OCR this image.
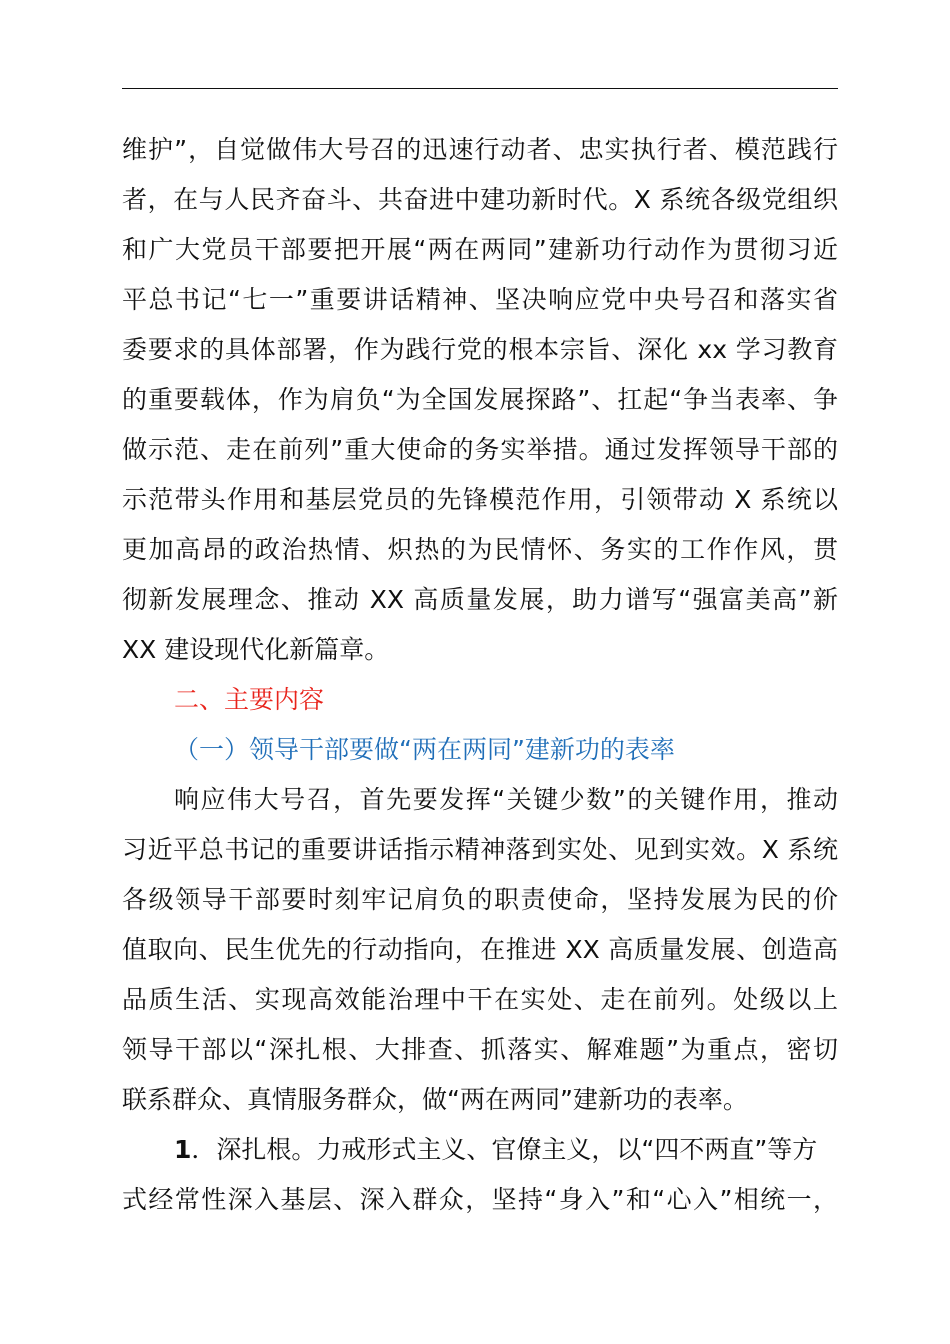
维护”，自觉做伟大号召的迅速行动者、忠实执行者、模范践行
者，在与人民齐奋斗、共奋进中建功新时代。X 系统各级党组织
和广大党员干部要把开展“两在两同”建新功行动作为贯彻习近
平总书记“七一”重要讲话精神、坚决响应党中央号召和落实省
委要求的具体部署，作为践行党的根本宗旨、深化 xx 学习教育
的重要载体，作为肩负“为全国发展探路”、扛起“争当表率、争
做示范、走在前列”重大使命的务实举措。通过发挥领导干部的
示范带头作用和基层党员的先锋模范作用，引领带动 X 系统以
更加高昂的政治热情、炽热的为民情怀、务实的工作作风，贯
彻新发展理念、推动 XX 高质量发展，助力谱写“强富美高”新
XX 建设现代化新篇章。
二、主要内容
（一）领导干部要做“两在两同”建新功的表率
响应伟大号召，首先要发挥“关键少数”的关键作用，推动
习近平总书记的重要讲话指示精神落到实处、见到实效。X 系统
各级领导干部要时刻牢记肩负的职责使命，坚持发展为民的价
值取向、民生优先的行动指向，在推进 XX 高质量发展、创造高
品质生活、实现高效能治理中干在实处、走在前列。处级以上
领导干部以“深扎根、大排查、抓落实、解难题”为重点，密切
联系群众、真情服务群众，做“两在两同”建新功的表率。
1．深扎根。力戒形式主义、官僚主义，以“四不两直”等方
式经常性深入基层、深入群众，坚持“身入”和“心入”相统一，
